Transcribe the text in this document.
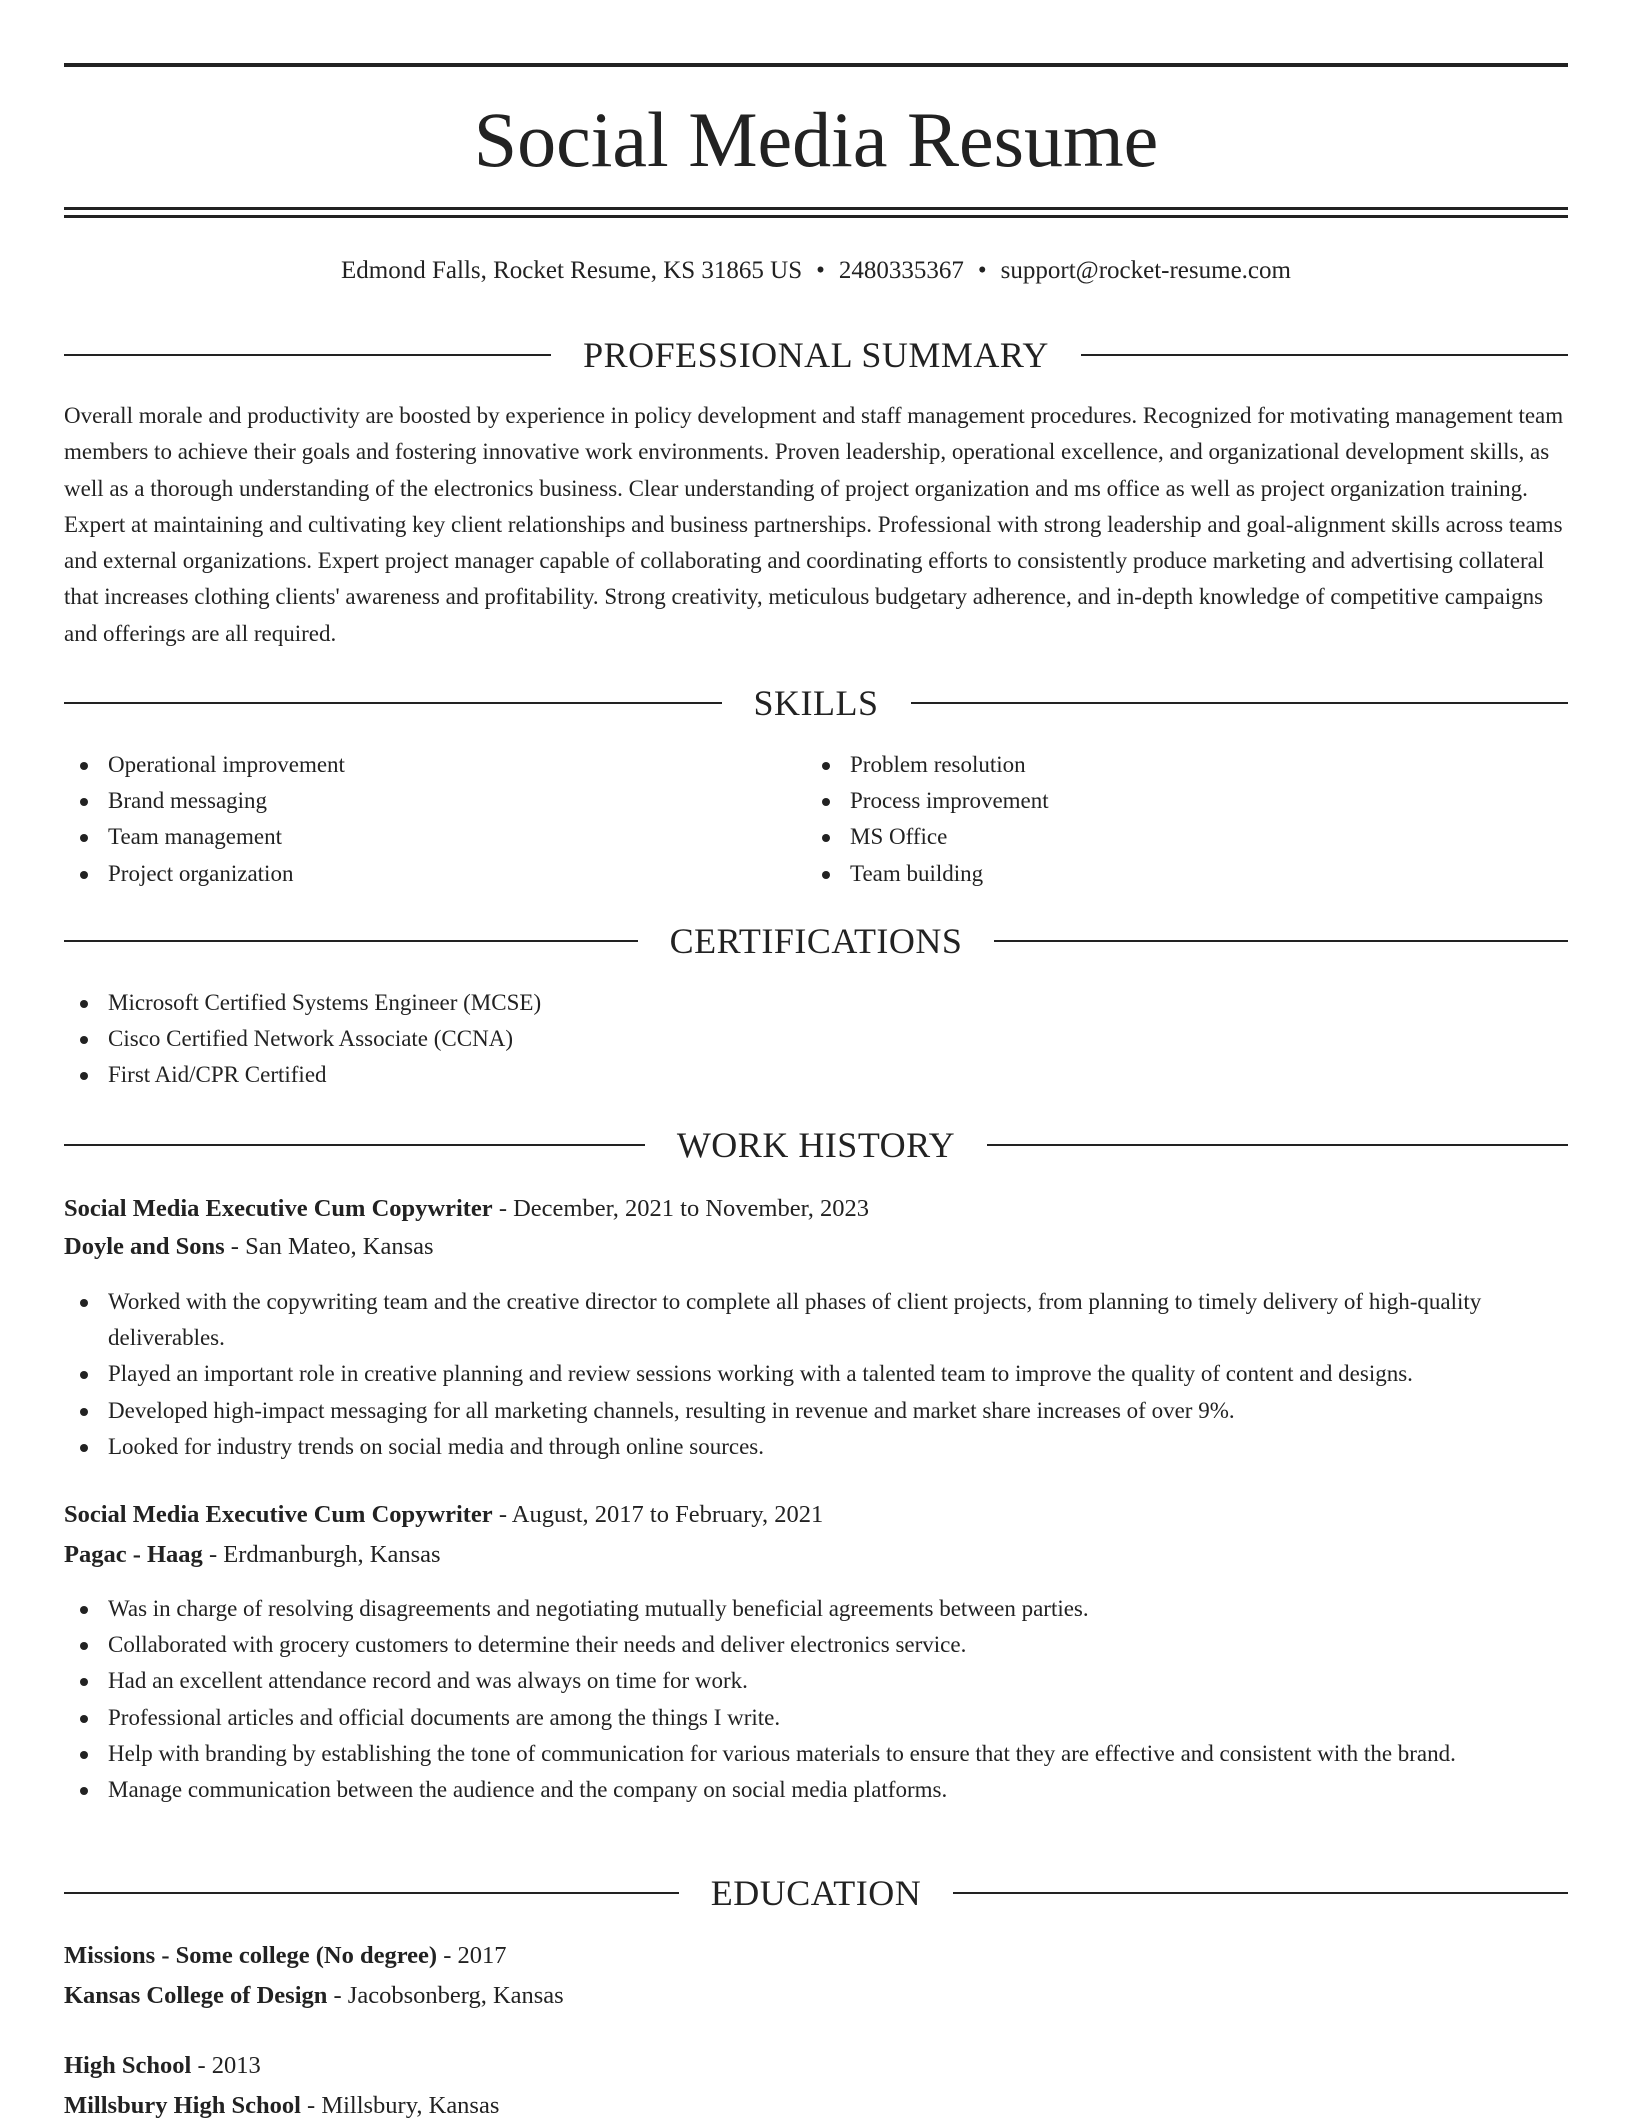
Social Media Resume
Edmond Falls, Rocket Resume, KS 31865 US • 2480335367 • support@rocket-resume.com
PROFESSIONAL SUMMARY

Overall morale and productivity are boosted by experience in policy development and staff management procedures. Recognized for motivating management team members to achieve their goals and fostering innovative work environments. Proven leadership, operational excellence, and organizational development skills, as well as a thorough understanding of the electronics business. Clear understanding of project organization and ms office as well as project organization training. Expert at maintaining and cultivating key client relationships and business partnerships. Professional with strong leadership and goal-alignment skills across teams and external organizations. Expert project manager capable of collaborating and coordinating efforts to consistently produce marketing and advertising collateral that increases clothing clients' awareness and profitability. Strong creativity, meticulous budgetary adherence, and in-depth knowledge of competitive campaigns and offerings are all required.

SKILLS
Operational improvement
Brand messaging
Team management
Project organization
Problem resolution
Process improvement
MS Office
Team building
CERTIFICATIONS
Microsoft Certified Systems Engineer (MCSE)
Cisco Certified Network Associate (CCNA)
First Aid/CPR Certified
WORK HISTORY
Social Media Executive Cum Copywriter - December, 2021 to November, 2023
Doyle and Sons - San Mateo, Kansas
Worked with the copywriting team and the creative director to complete all phases of client projects, from planning to timely delivery of high-quality deliverables.
Played an important role in creative planning and review sessions working with a talented team to improve the quality of content and designs.
Developed high-impact messaging for all marketing channels, resulting in revenue and market share increases of over 9%.
Looked for industry trends on social media and through online sources.
Social Media Executive Cum Copywriter - August, 2017 to February, 2021
Pagac - Haag - Erdmanburgh, Kansas
Was in charge of resolving disagreements and negotiating mutually beneficial agreements between parties.
Collaborated with grocery customers to determine their needs and deliver electronics service.
Had an excellent attendance record and was always on time for work.
Professional articles and official documents are among the things I write.
Help with branding by establishing the tone of communication for various materials to ensure that they are effective and consistent with the brand.
Manage communication between the audience and the company on social media platforms.
EDUCATION
Missions - Some college (No degree) - 2017
Kansas College of Design - Jacobsonberg, Kansas
High School - 2013
Millsbury High School - Millsbury, Kansas
